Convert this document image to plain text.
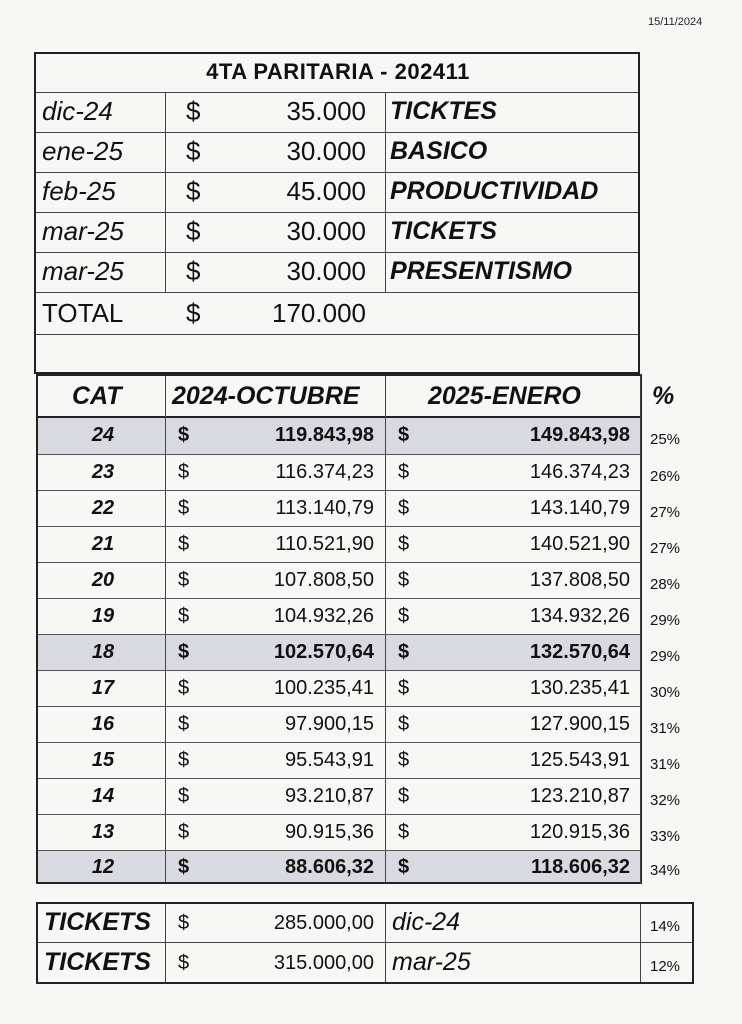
15/11/2024
4TA PARITARIA - 202411
dic-24	$	35.000 TICKTES
ene-25 $	30.000 BASICO
feb-25	$	45.000 PRODUCTIVIDAD
mar-25 $	30.000 TICKETS
mar-25 $	30.000 PRESENTISMO
TOTAL $	170.000
CAT 2024-OCTUBRE	2025-ENERO	%
24	$	119.843,98 $	149.843,98 25%
23	$	116.374,23 $	146.374,23 26%
22	$	113.140,79 $	143.140,79 27%
21	$	110.521,90 $	140.521,90 27%
20	$	107.808,50 $	137.808,50 28%
19	$	104.932,26 $	134.932,26 29%
18	$	102.570,64 $	132.570,64 29%
17	$	100.235,41 $	130.235,41 30%
16	$	97.900,15 $	127.900,15 31%
15	$	95.543,91 $	125.543,91 31%
14	$	93.210,87 $	123.210,87 32%
13	$	90.915,36 $	120.915,36 33%
12	$	88.606,32 $	118.606,32 34%
TICKETS $	285.000,00 dic-24	14%
TICKETS $	315.000,00 mar-25	12%
